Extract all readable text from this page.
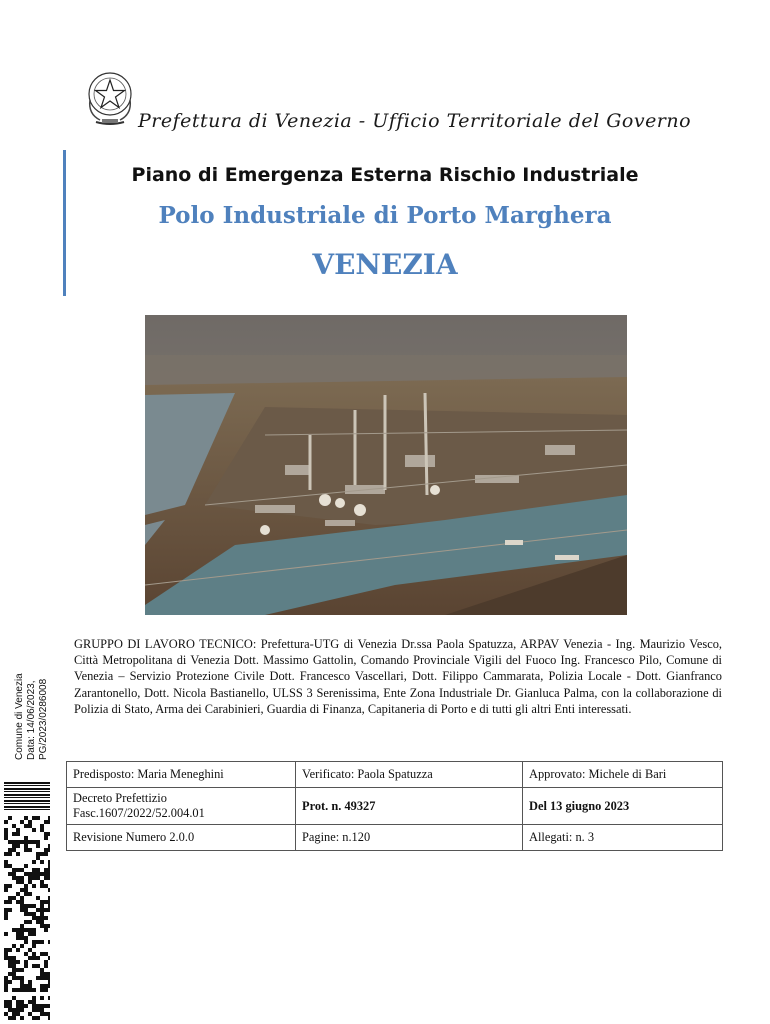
Prefettura di Venezia - Ufficio Territoriale del Governo
Piano di Emergenza Esterna Rischio Industriale
Polo Industriale di Porto Marghera
VENEZIA
GRUPPO DI LAVORO TECNICO: Prefettura-UTG di Venezia Dr.ssa Paola Spatuzza, ARPAV Venezia - Ing. Maurizio Vesco, Città Metropolitana di Venezia Dott. Massimo Gattolin, Comando Provinciale Vigili del Fuoco Ing. Francesco Pilo, Comune di Venezia – Servizio Protezione Civile Dott. Francesco Vascellari, Dott. Filippo Cammarata, Polizia Locale - Dott. Gianfranco Zarantonello, Dott. Nicola Bastianello, ULSS 3 Serenissima, Ente Zona Industriale Dr. Gianluca Palma, con la collaborazione di Polizia di Stato, Arma dei Carabinieri, Guardia di Finanza, Capitaneria di Porto e di tutti gli altri Enti interessati.
Comune di Venezia Data: 14/06/2023, PG/2023/0286008
Predisposto: Maria Meneghini	Verificato: Paola Spatuzza	Approvato: Michele di Bari
Decreto Prefettizio Fasc.1607/2022/52.004.01	Prot. n. 49327	Del 13 giugno 2023
Revisione Numero 2.0.0	Pagine: n.120	Allegati: n. 3
